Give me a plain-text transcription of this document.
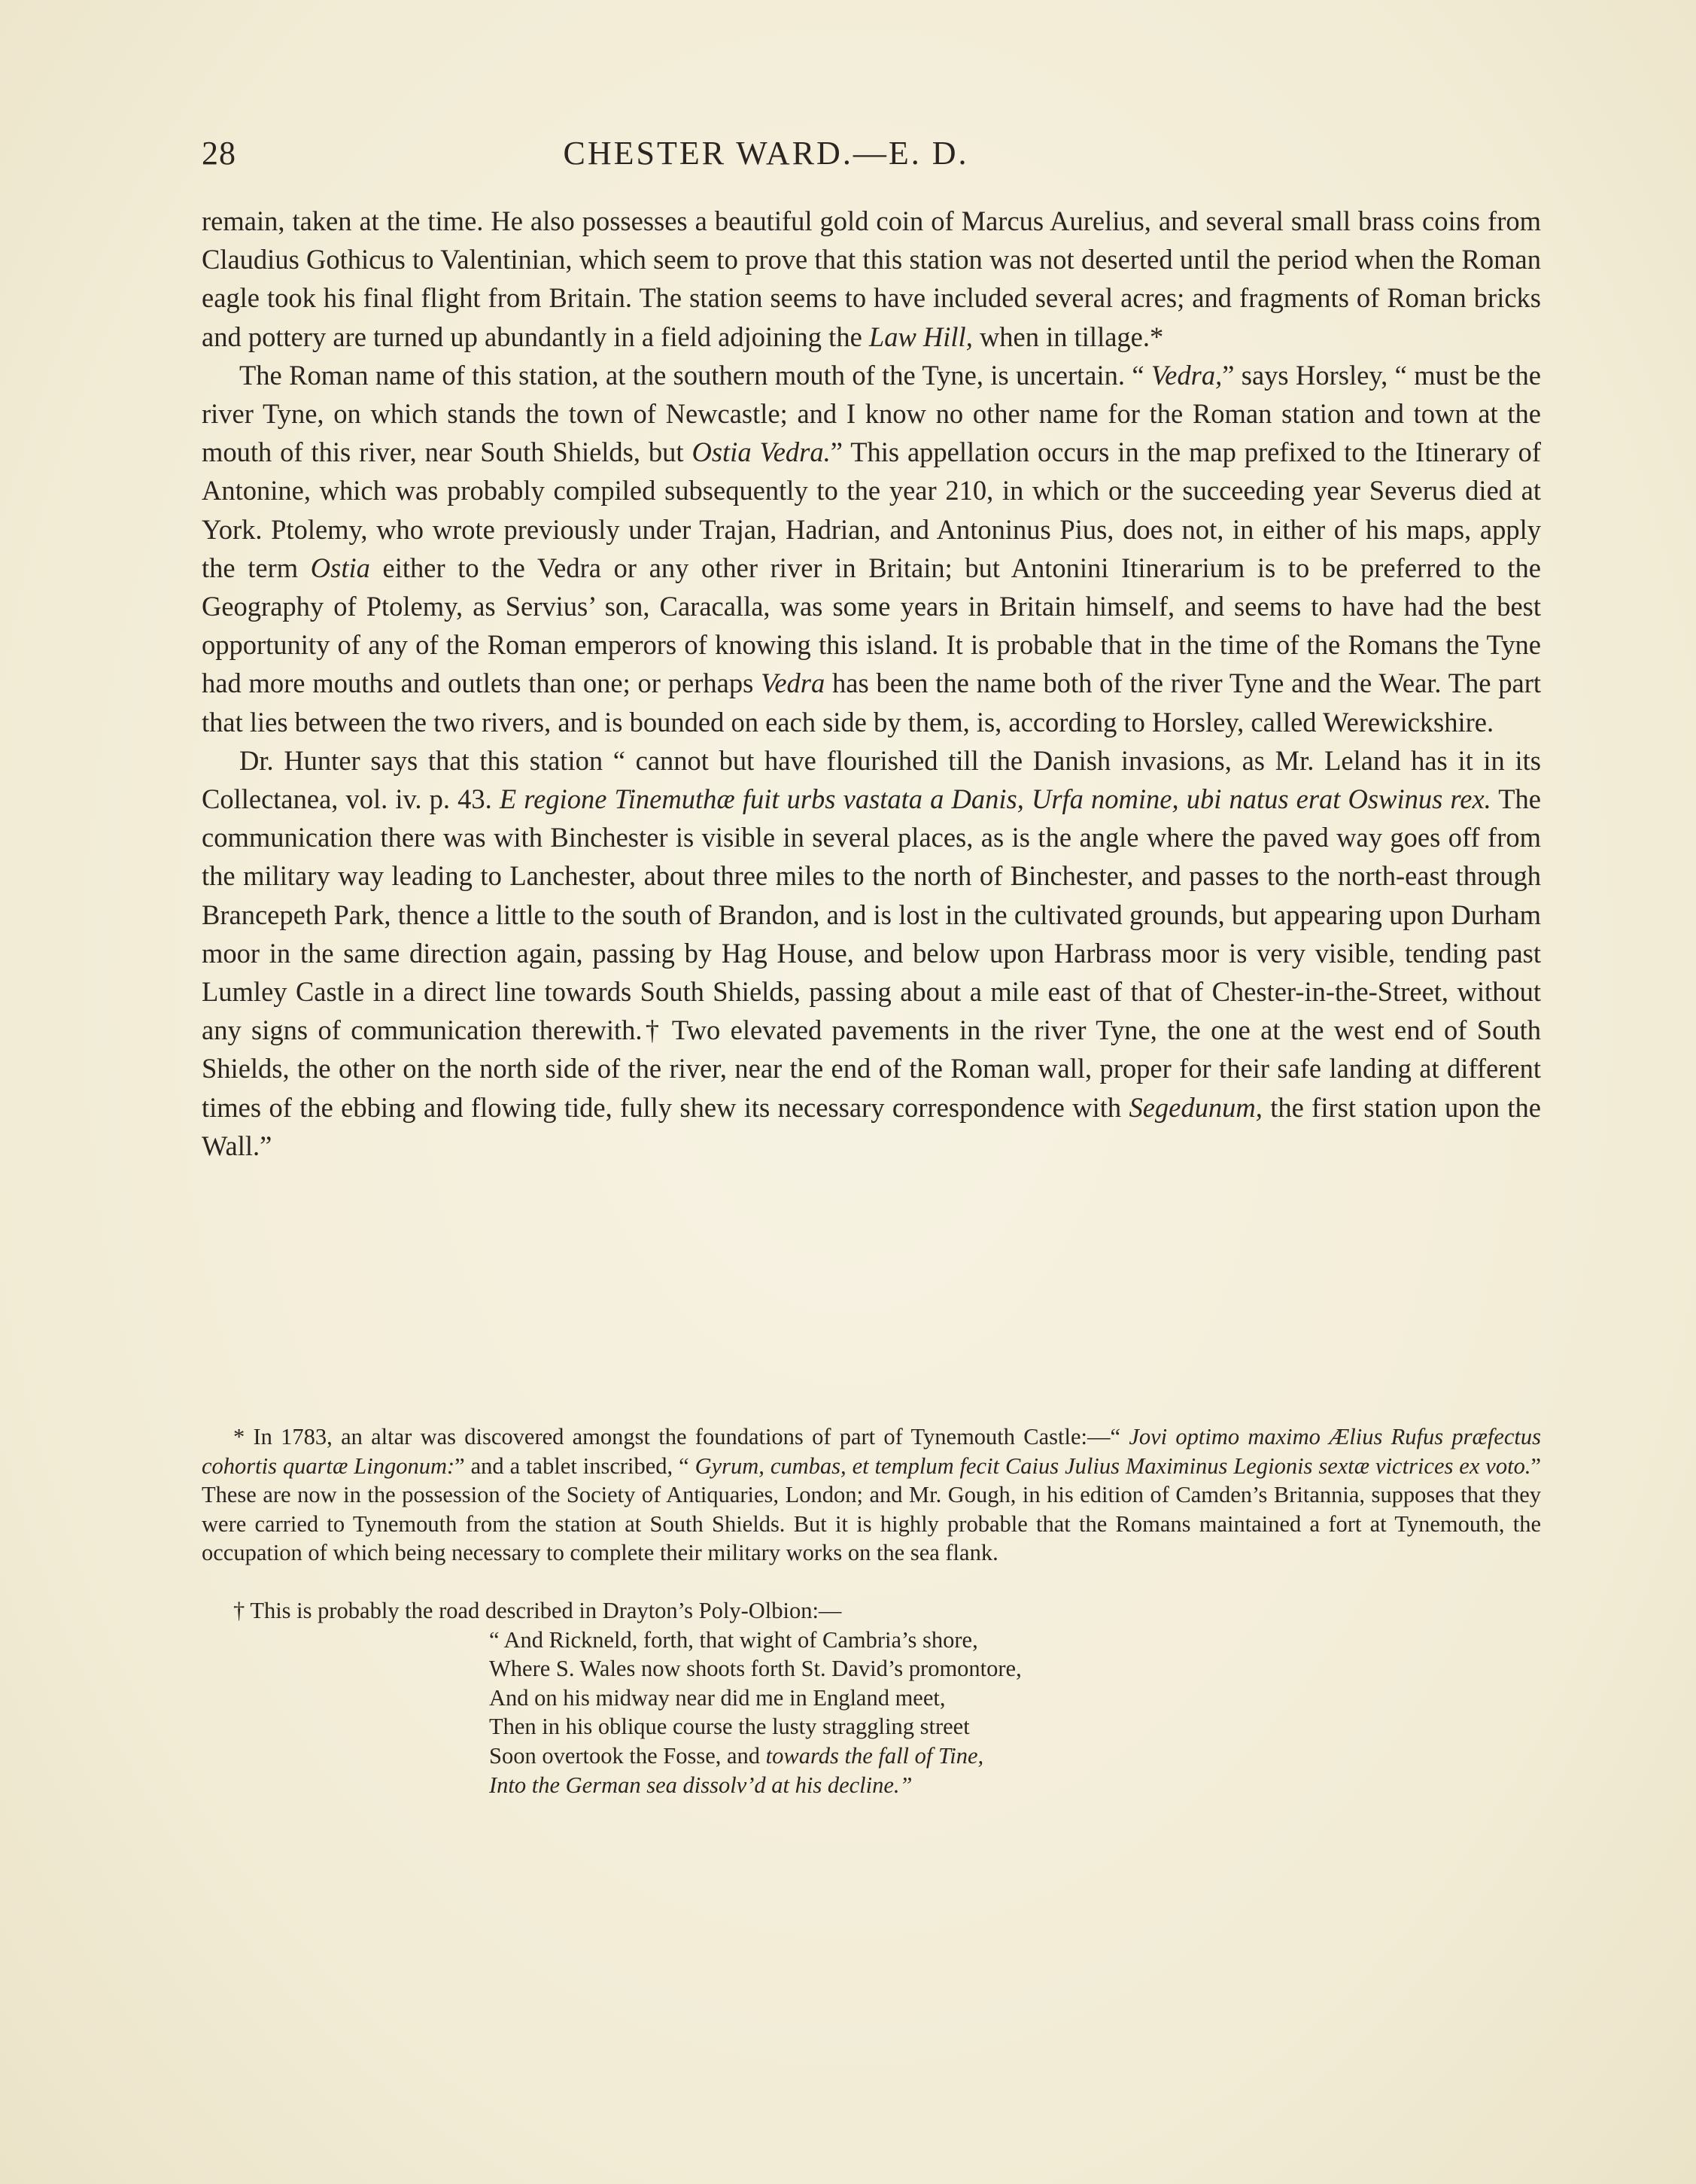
28	CHESTER WARD.—E. D.

remain, taken at the time. He also possesses a beautiful gold coin of Marcus Aurelius, and several small brass coins from Claudius Gothicus to Valentinian, which seem to prove that this station was not deserted until the period when the Roman eagle took his final flight from Britain. The station seems to have included several acres; and fragments of Roman bricks and pottery are turned up abundantly in a field adjoining the Law Hill, when in tillage.*

The Roman name of this station, at the southern mouth of the Tyne, is uncertain. “ Vedra,” says Horsley, “ must be the river Tyne, on which stands the town of Newcastle; and I know no other name for the Roman station and town at the mouth of this river, near South Shields, but Ostia Vedra.” This appellation occurs in the map prefixed to the Itinerary of Antonine, which was probably compiled subsequently to the year 210, in which or the succeeding year Severus died at York. Ptolemy, who wrote previously under Trajan, Hadrian, and Antoninus Pius, does not, in either of his maps, apply the term Ostia either to the Vedra or any other river in Britain; but Antonini Itinerarium is to be preferred to the Geography of Ptolemy, as Servius’ son, Caracalla, was some years in Britain himself, and seems to have had the best opportunity of any of the Roman emperors of knowing this island. It is probable that in the time of the Romans the Tyne had more mouths and outlets than one; or perhaps Vedra has been the name both of the river Tyne and the Wear. The part that lies between the two rivers, and is bounded on each side by them, is, according to Horsley, called Werewickshire.

Dr. Hunter says that this station “ cannot but have flourished till the Danish invasions, as Mr. Leland has it in its Collectanea, vol. iv. p. 43. E regione Tinemuthæ fuit urbs vastata a Danis, Urfa nomine, ubi natus erat Oswinus rex. The communication there was with Binchester is visible in several places, as is the angle where the paved way goes off from the military way leading to Lanchester, about three miles to the north of Binchester, and passes to the north-east through Brancepeth Park, thence a little to the south of Brandon, and is lost in the cultivated grounds, but appearing upon Durham moor in the same direction again, passing by Hag House, and below upon Harbrass moor is very visible, tending past Lumley Castle in a direct line towards South Shields, passing about a mile east of that of Chester-in-the-Street, without any signs of communication therewith.† Two elevated pavements in the river Tyne, the one at the west end of South Shields, the other on the north side of the river, near the end of the Roman wall, proper for their safe landing at different times of the ebbing and flowing tide, fully shew its necessary correspondence with Segedunum, the first station upon the Wall.”

* In 1783, an altar was discovered amongst the foundations of part of Tynemouth Castle:—“ Jovi optimo maximo Ælius Rufus præfectus cohortis quartæ Lingonum:” and a tablet inscribed, “ Gyrum, cumbas, et templum fecit Caius Julius Maximinus Legionis sextæ victrices ex voto.” These are now in the possession of the Society of Antiquaries, London; and Mr. Gough, in his edition of Camden’s Britannia, supposes that they were carried to Tynemouth from the station at South Shields. But it is highly probable that the Romans maintained a fort at Tynemouth, the occupation of which being necessary to complete their military works on the sea flank.

† This is probably the road described in Drayton’s Poly-Olbion:—

“ And Rickneld, forth, that wight of Cambria’s shore,
Where S. Wales now shoots forth St. David’s promontore,
And on his midway near did me in England meet,
Then in his oblique course the lusty straggling street
Soon overtook the Fosse, and towards the fall of Tine,
Into the German sea dissolv’d at his decline.”
